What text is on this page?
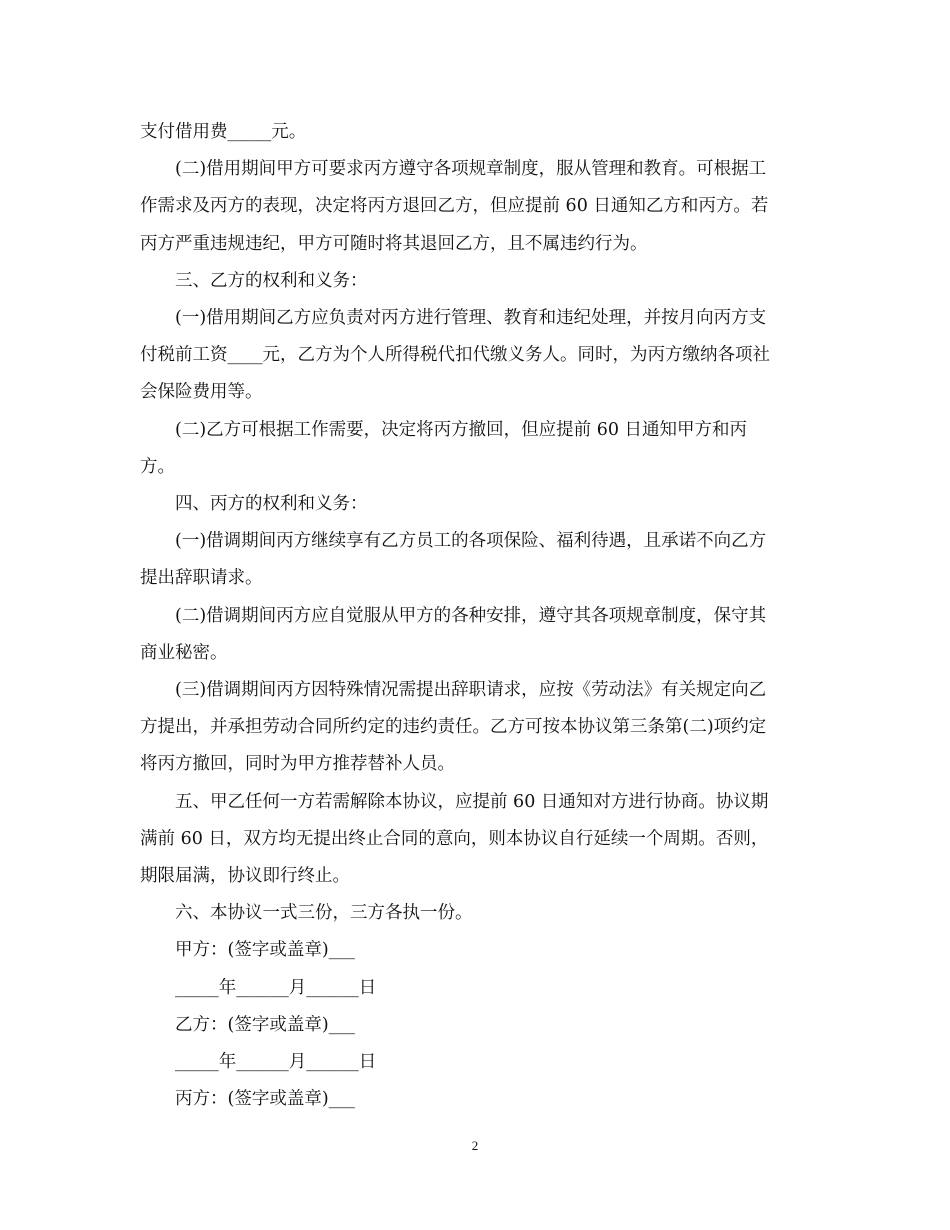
支付借用费_____元。

(二)借用期间甲方可要求丙方遵守各项规章制度，服从管理和教育。可根据工
作需求及丙方的表现，决定将丙方退回乙方，但应提前 60 日通知乙方和丙方。若
丙方严重违规违纪，甲方可随时将其退回乙方，且不属违约行为。

三、乙方的权利和义务：

(一)借用期间乙方应负责对丙方进行管理、教育和违纪处理，并按月向丙方支
付税前工资____元，乙方为个人所得税代扣代缴义务人。同时，为丙方缴纳各项社
会保险费用等。

(二)乙方可根据工作需要，决定将丙方撤回，但应提前 60 日通知甲方和丙
方。

四、丙方的权利和义务：

(一)借调期间丙方继续享有乙方员工的各项保险、福利待遇，且承诺不向乙方
提出辞职请求。

(二)借调期间丙方应自觉服从甲方的各种安排，遵守其各项规章制度，保守其
商业秘密。

(三)借调期间丙方因特殊情况需提出辞职请求，应按《劳动法》有关规定向乙
方提出，并承担劳动合同所约定的违约责任。乙方可按本协议第三条第(二)项约定
将丙方撤回，同时为甲方推荐替补人员。

五、甲乙任何一方若需解除本协议，应提前 60 日通知对方进行协商。协议期
满前 60 日，双方均无提出终止合同的意向，则本协议自行延续一个周期。否则，
期限届满，协议即行终止。

六、本协议一式三份，三方各执一份。

甲方：(签字或盖章)___

_____年______月______日

乙方：(签字或盖章)___

_____年______月______日

丙方：(签字或盖章)___

2
